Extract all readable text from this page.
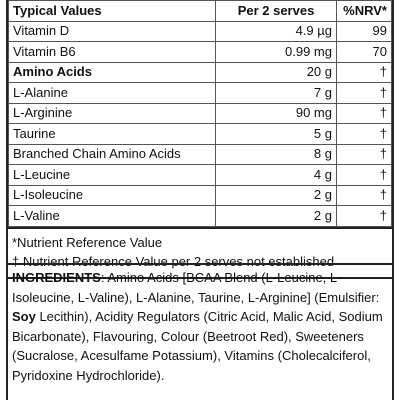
Typical Values	Per 2 serves	%NRV*
Vitamin D	4.9 µg	99
Vitamin B6	0.99 mg	70
Amino Acids	20 g	†
L-Alanine	7 g	†
L-Arginine	90 mg	†
Taurine	5 g	†
Branched Chain Amino Acids	8 g	†
L-Leucine	4 g	†
L-Isoleucine	2 g	†
L-Valine	2 g	†
*Nutrient Reference Value
† Nutrient Reference Value per 2 serves not established
INGREDIENTS: Amino Acids [BCAA Blend (L-Leucine, L-Isoleucine, L-Valine), L-Alanine, Taurine, L-Arginine] (Emulsifier: Soy Lecithin), Acidity Regulators (Citric Acid, Malic Acid, Sodium Bicarbonate), Flavouring, Colour (Beetroot Red), Sweeteners (Sucralose, Acesulfame Potassium), Vitamins (Cholecalciferol, Pyridoxine Hydrochloride).
